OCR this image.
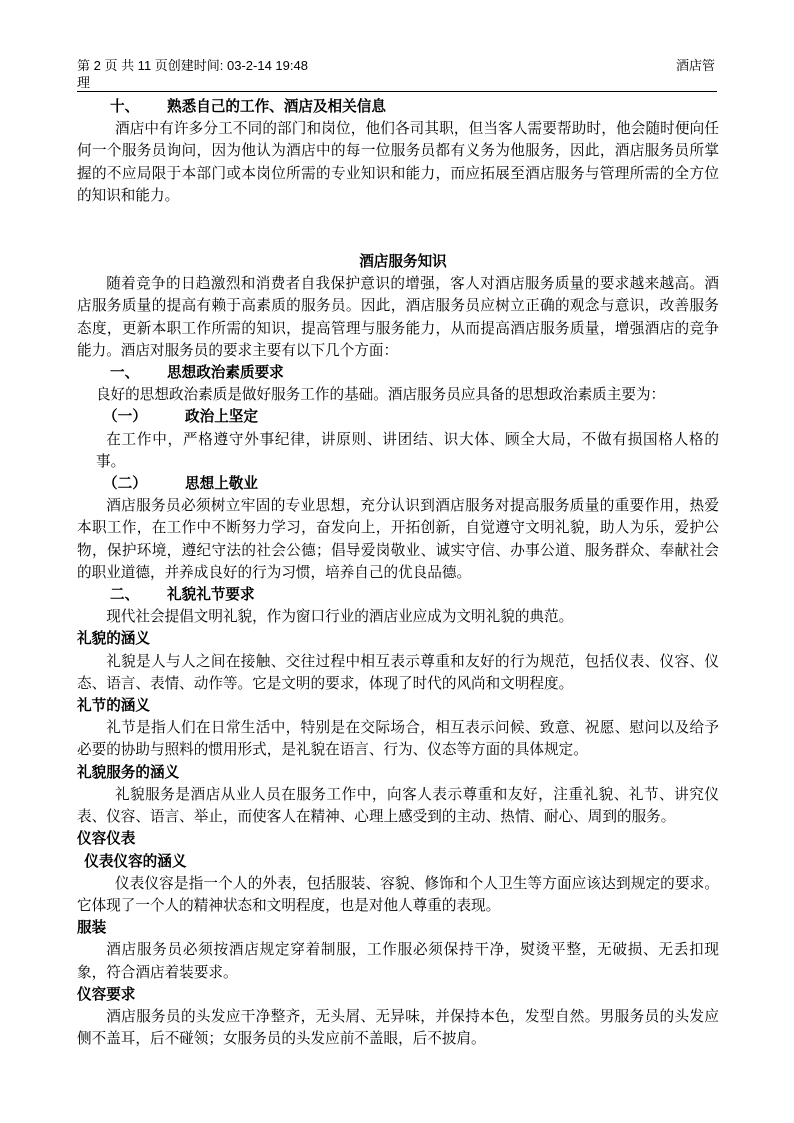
第 2 页 共 11 页创建时间: 03-2-14 19:48
理
酒店管

十、 熟悉自己的工作、酒店及相关信息

酒店中有许多分工不同的部门和岗位，他们各司其职，但当客人需要帮助时，他会随时便向任何一个服务员询问，因为他认为酒店中的每一位服务员都有义务为他服务，因此，酒店服务员所掌握的不应局限于本部门或本岗位所需的专业知识和能力，而应拓展至酒店服务与管理所需的全方位的知识和能力。

酒店服务知识

随着竞争的日趋激烈和消费者自我保护意识的增强，客人对酒店服务质量的要求越来越高。酒店服务质量的提高有赖于高素质的服务员。因此，酒店服务员应树立正确的观念与意识，改善服务态度，更新本职工作所需的知识，提高管理与服务能力，从而提高酒店服务质量，增强酒店的竞争能力。酒店对服务员的要求主要有以下几个方面：

一、 思想政治素质要求

良好的思想政治素质是做好服务工作的基础。酒店服务员应具备的思想政治素质主要为：

（一）	政治上坚定

在工作中，严格遵守外事纪律，讲原则、讲团结、识大体、顾全大局，不做有损国格人格的事。

（二）	思想上敬业

酒店服务员必须树立牢固的专业思想，充分认识到酒店服务对提高服务质量的重要作用，热爱本职工作，在工作中不断努力学习，奋发向上，开拓创新，自觉遵守文明礼貌，助人为乐，爱护公物，保护环境，遵纪守法的社会公德；倡导爱岗敬业、诚实守信、办事公道、服务群众、奉献社会的职业道德，并养成良好的行为习惯，培养自己的优良品德。

二、 礼貌礼节要求

现代社会提倡文明礼貌，作为窗口行业的酒店业应成为文明礼貌的典范。

礼貌的涵义

礼貌是人与人之间在接触、交往过程中相互表示尊重和友好的行为规范，包括仪表、仪容、仪态、语言、表情、动作等。它是文明的要求，体现了时代的风尚和文明程度。

礼节的涵义

礼节是指人们在日常生活中，特别是在交际场合，相互表示问候、致意、祝愿、慰问以及给予必要的协助与照料的惯用形式，是礼貌在语言、行为、仪态等方面的具体规定。

礼貌服务的涵义

礼貌服务是酒店从业人员在服务工作中，向客人表示尊重和友好，注重礼貌、礼节、讲究仪表、仪容、语言、举止，而使客人在精神、心理上感受到的主动、热情、耐心、周到的服务。

仪容仪表

仪表仪容的涵义

仪表仪容是指一个人的外表，包括服装、容貌、修饰和个人卫生等方面应该达到规定的要求。它体现了一个人的精神状态和文明程度，也是对他人尊重的表现。

服装

酒店服务员必须按酒店规定穿着制服，工作服必须保持干净，熨烫平整，无破损、无丢扣现象，符合酒店着装要求。

仪容要求

酒店服务员的头发应干净整齐，无头屑、无异味，并保持本色，发型自然。男服务员的头发应侧不盖耳，后不碰领；女服务员的头发应前不盖眼，后不披肩。
